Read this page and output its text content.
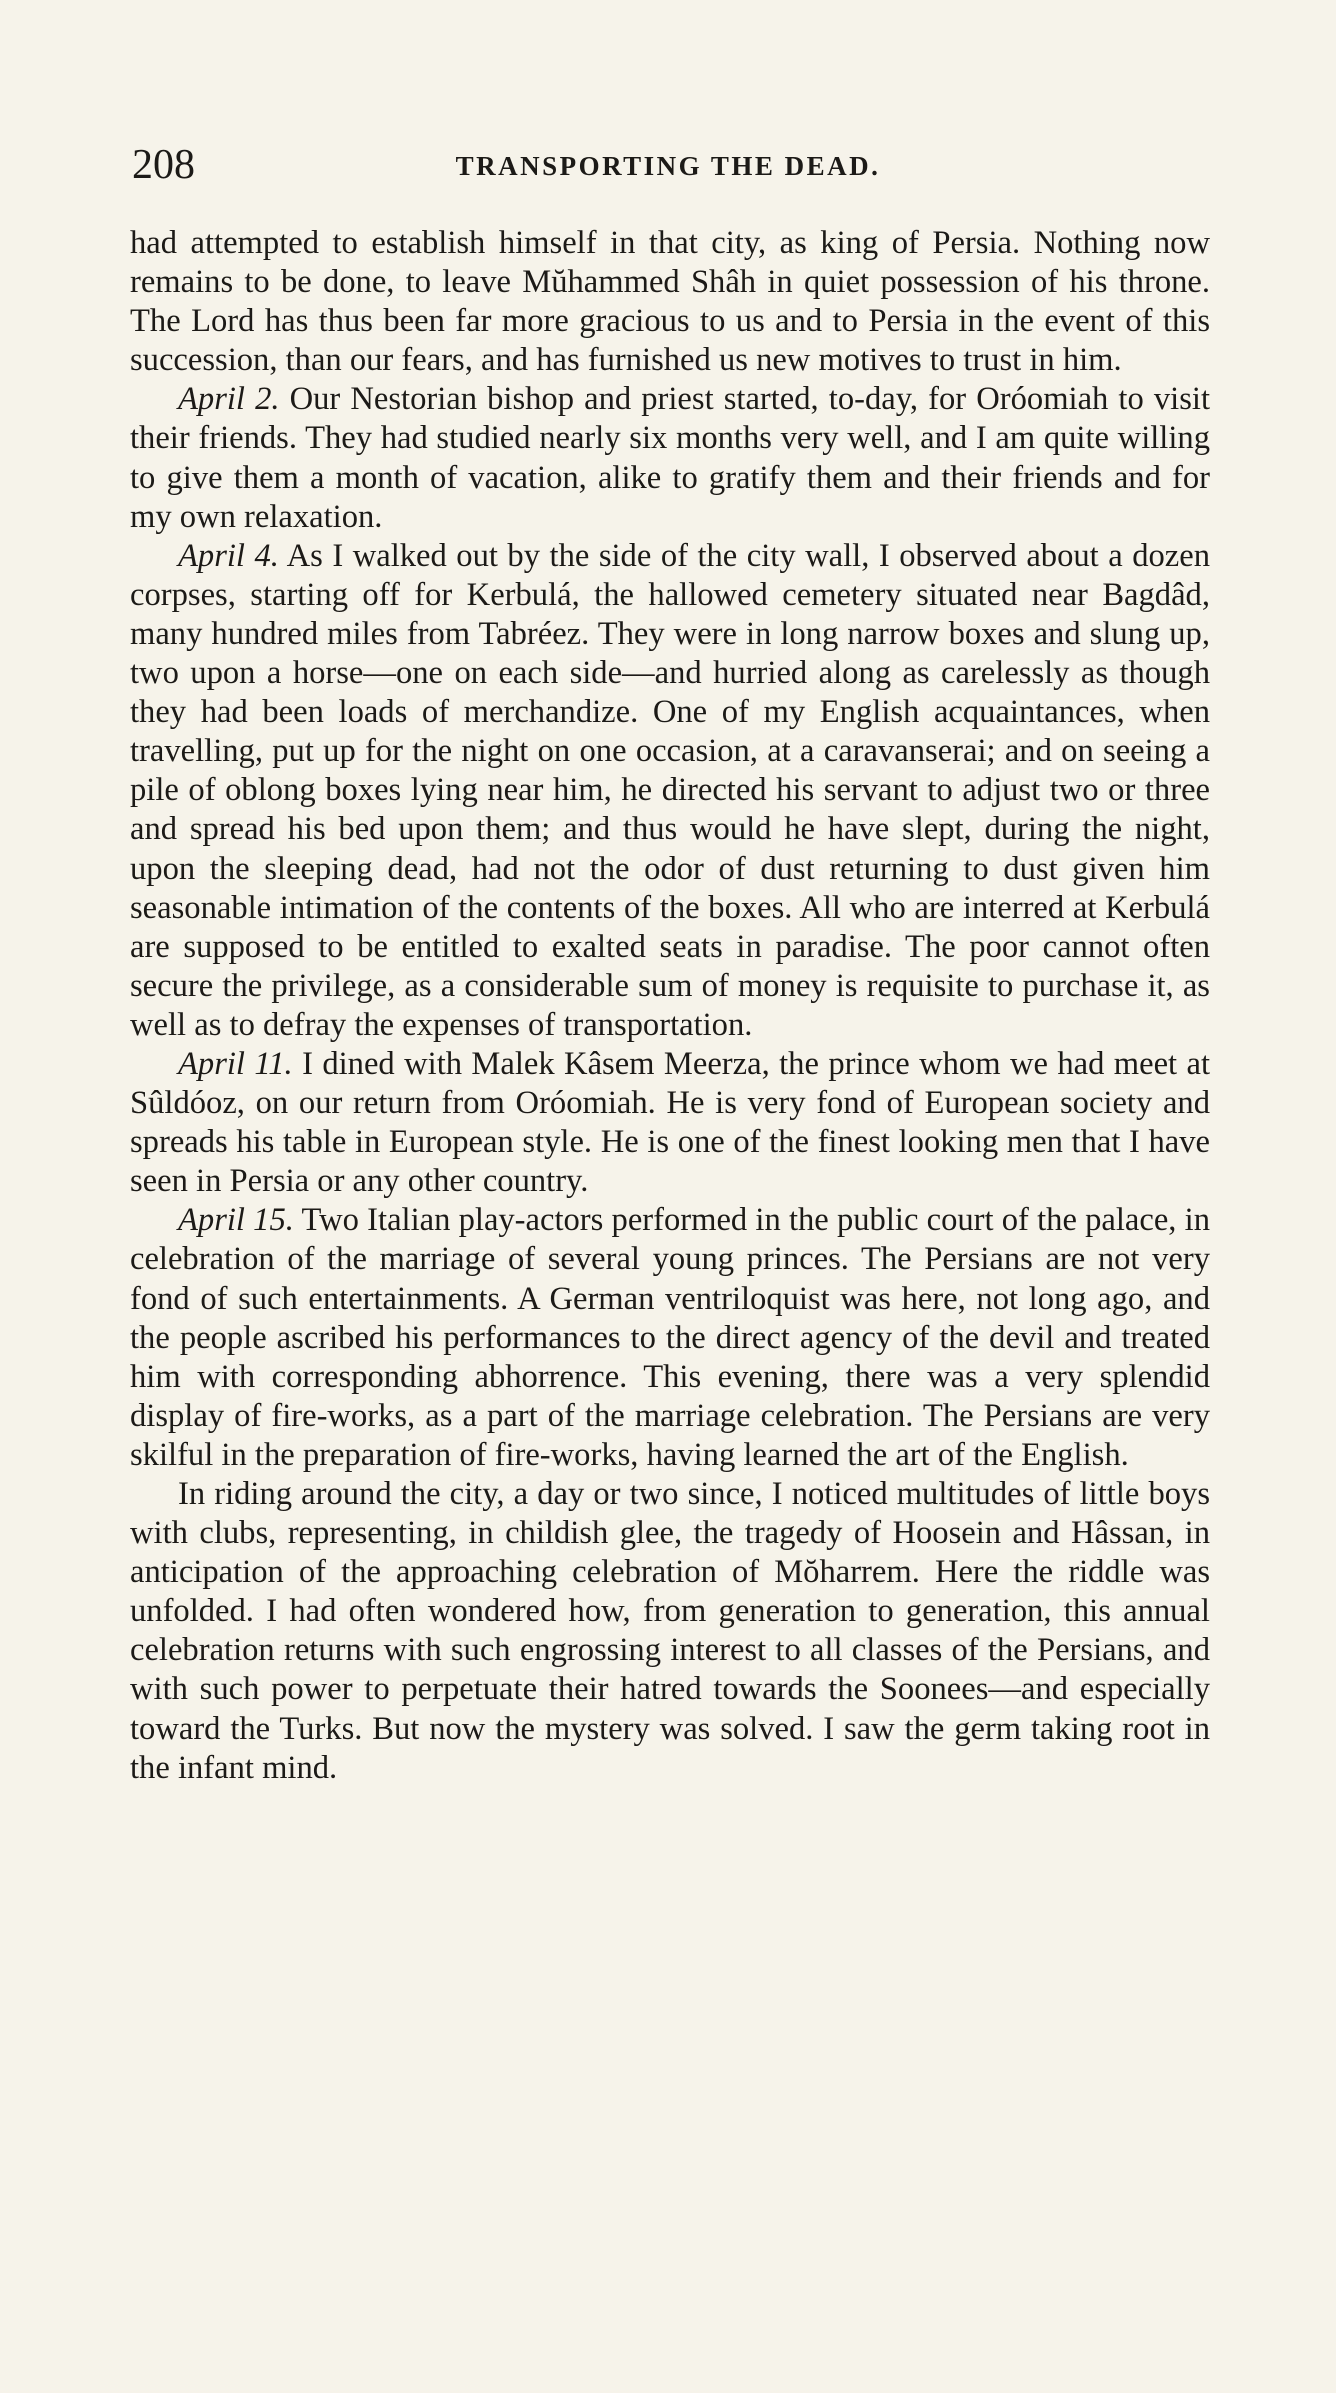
208	TRANSPORTING THE DEAD.

had attempted to establish himself in that city, as king of Persia. Nothing now remains to be done, to leave Mŭhammed Shâh in quiet possession of his throne. The Lord has thus been far more gracious to us and to Persia in the event of this succession, than our fears, and has furnished us new motives to trust in him.

April 2. Our Nestorian bishop and priest started, to-day, for Oróomiah to visit their friends. They had studied nearly six months very well, and I am quite willing to give them a month of vacation, alike to gratify them and their friends and for my own relaxation.

April 4. As I walked out by the side of the city wall, I observed about a dozen corpses, starting off for Kerbulá, the hallowed cemetery situated near Bagdâd, many hundred miles from Tabréez. They were in long narrow boxes and slung up, two upon a horse—one on each side—and hurried along as carelessly as though they had been loads of merchandize. One of my English acquaintances, when travelling, put up for the night on one occasion, at a caravanserai; and on seeing a pile of oblong boxes lying near him, he directed his servant to adjust two or three and spread his bed upon them; and thus would he have slept, during the night, upon the sleeping dead, had not the odor of dust returning to dust given him seasonable intimation of the contents of the boxes. All who are interred at Kerbulá are supposed to be entitled to exalted seats in paradise. The poor cannot often secure the privilege, as a considerable sum of money is requisite to purchase it, as well as to defray the expenses of transportation.

April 11. I dined with Malek Kâsem Meerza, the prince whom we had meet at Sûldóoz, on our return from Oróomiah. He is very fond of European society and spreads his table in European style. He is one of the finest looking men that I have seen in Persia or any other country.

April 15. Two Italian play-actors performed in the public court of the palace, in celebration of the marriage of several young princes. The Persians are not very fond of such entertainments. A German ventriloquist was here, not long ago, and the people ascribed his performances to the direct agency of the devil and treated him with corresponding abhorrence. This evening, there was a very splendid display of fire-works, as a part of the marriage celebration. The Persians are very skilful in the preparation of fire-works, having learned the art of the English.

In riding around the city, a day or two since, I noticed multitudes of little boys with clubs, representing, in childish glee, the tragedy of Hoosein and Hâssan, in anticipation of the approaching celebration of Mŏharrem. Here the riddle was unfolded. I had often wondered how, from generation to generation, this annual celebration returns with such engrossing interest to all classes of the Persians, and with such power to perpetuate their hatred towards the Soonees—and especially toward the Turks. But now the mystery was solved. I saw the germ taking root in the infant mind.
